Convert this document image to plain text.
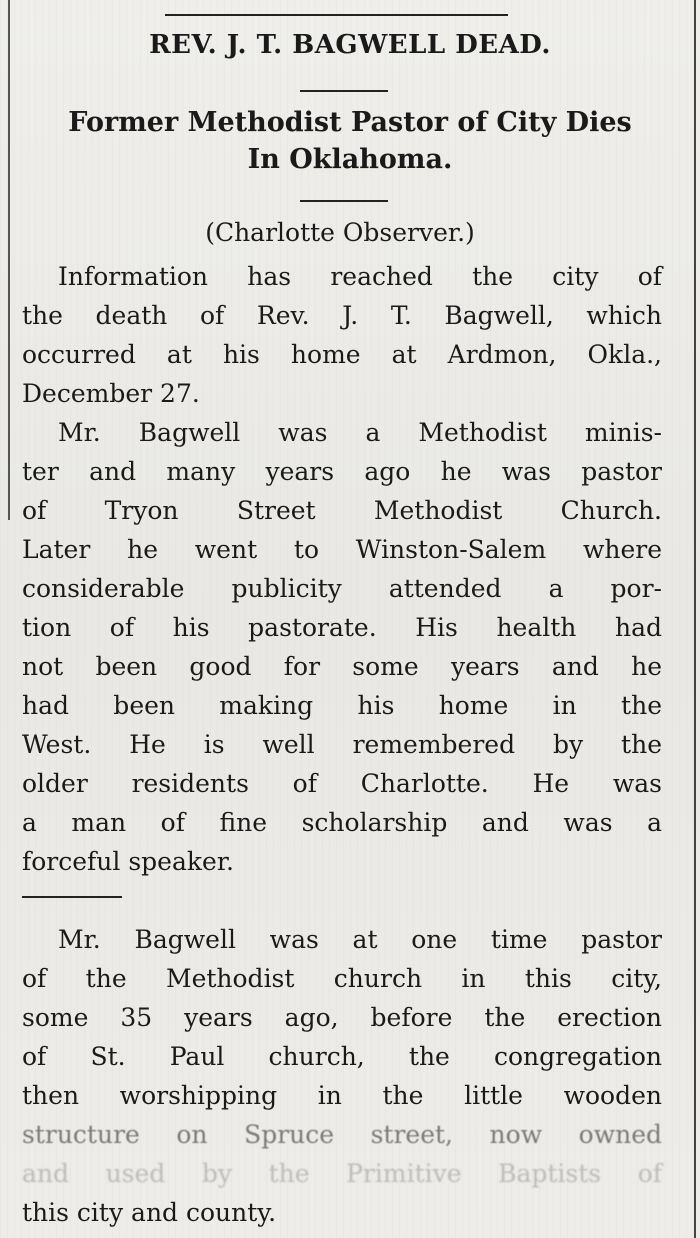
REV. J. T. BAGWELL DEAD.
Former Methodist Pastor of City Dies
In Oklahoma.

(Charlotte Observer.)

Information has reached the city of
the death of Rev. J. T. Bagwell, which
occurred at his home at Ardmon, Okla.,
December 27.
Mr. Bagwell was a Methodist minis-
ter and many years ago he was pastor
of Tryon Street Methodist Church.
Later he went to Winston-Salem where
considerable publicity attended a por-
tion of his pastorate. His health had
not been good for some years and he
had been making his home in the
West. He is well remembered by the
older residents of Charlotte. He was
a man of fine scholarship and was a
forceful speaker.
Mr. Bagwell was at one time pastor
of the Methodist church in this city,
some 35 years ago, before the erection
of St. Paul church, the congregation
then worshipping in the little wooden
structure on Spruce street, now owned
and used by the Primitive Baptists of
this city and county.
